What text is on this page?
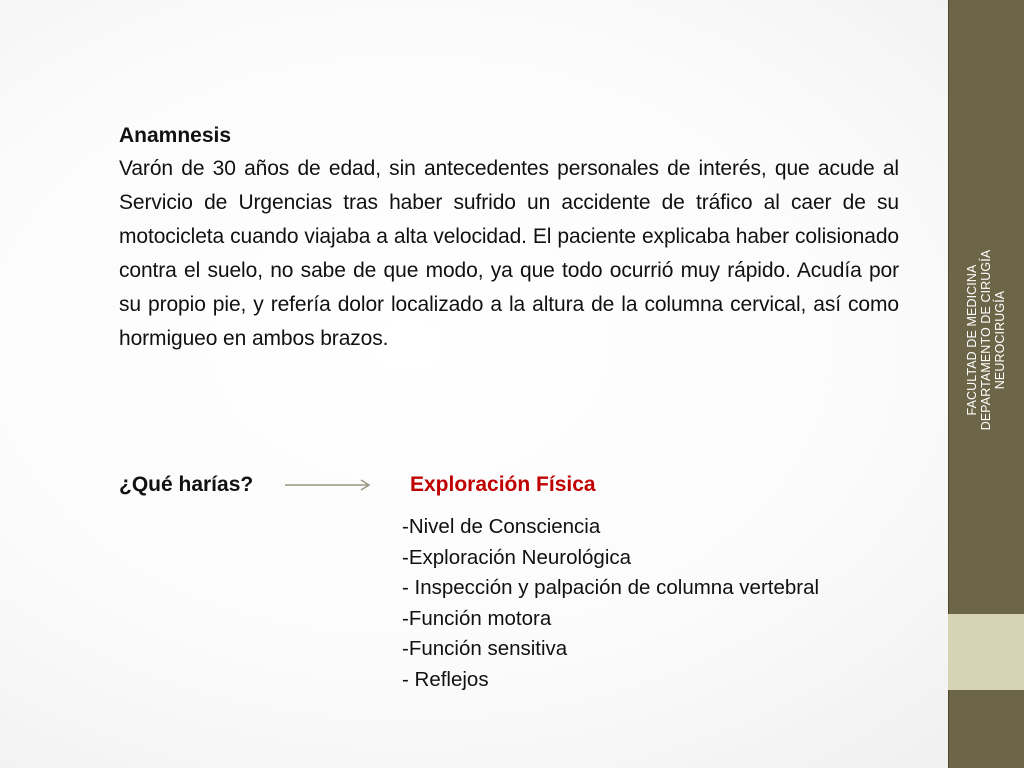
FACULTAD DE MEDICINA DEPARTAMENTO DE CIRUGÍA NEUROCIRUGÍA

Anamnesis

Varón de 30 años de edad, sin antecedentes personales de interés, que acude al Servicio de Urgencias tras haber sufrido un accidente de tráfico al caer de su motocicleta cuando viajaba a alta velocidad. El paciente explicaba haber colisionado contra el suelo, no sabe de que modo, ya que todo ocurrió muy rápido. Acudía por su propio pie, y refería dolor localizado a la altura de la columna cervical, así como hormigueo en ambos brazos.

¿Qué harías?	Exploración Física
-Nivel de Consciencia
-Exploración Neurológica
- Inspección y palpación de columna vertebral
-Función motora
-Función sensitiva
- Reflejos
